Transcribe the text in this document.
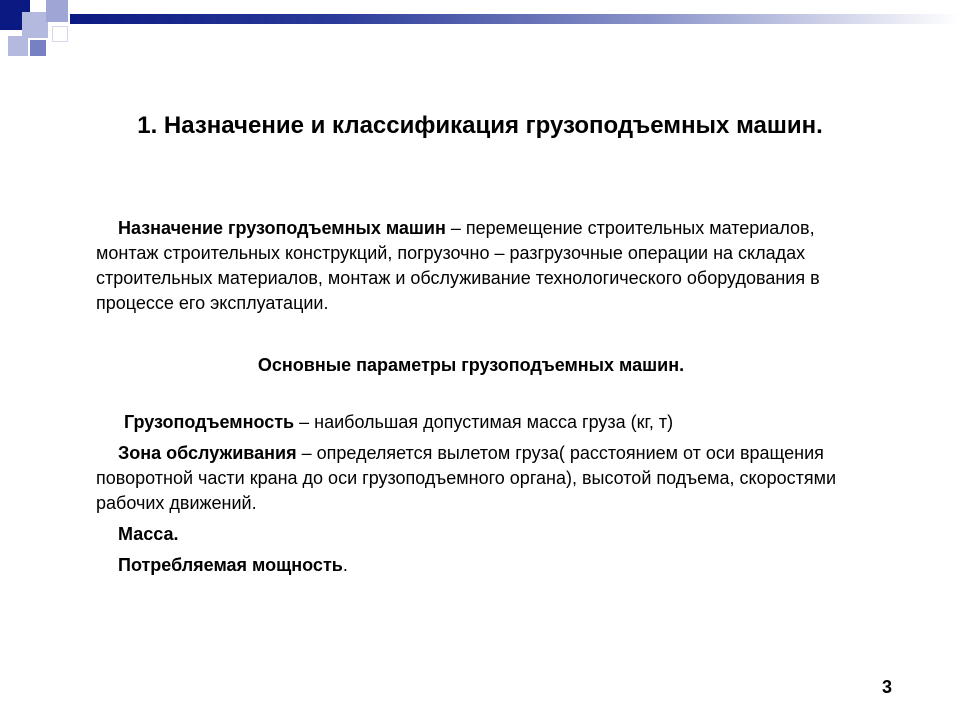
1. Назначение и классификация грузоподъемных машин.

Назначение грузоподъемных машин – перемещение строительных материалов, монтаж строительных конструкций, погрузочно – разгрузочные операции на складах строительных материалов, монтаж и обслуживание технологического оборудования в процессе его эксплуатации.

Основные параметры грузоподъемных машин.

Грузоподъемность – наибольшая допустимая масса груза (кг, т)

Зона обслуживания – определяется вылетом груза( расстоянием от оси вращения поворотной части крана до оси грузоподъемного органа), высотой подъема, скоростями рабочих движений.

Масса.

Потребляемая мощность.

3
